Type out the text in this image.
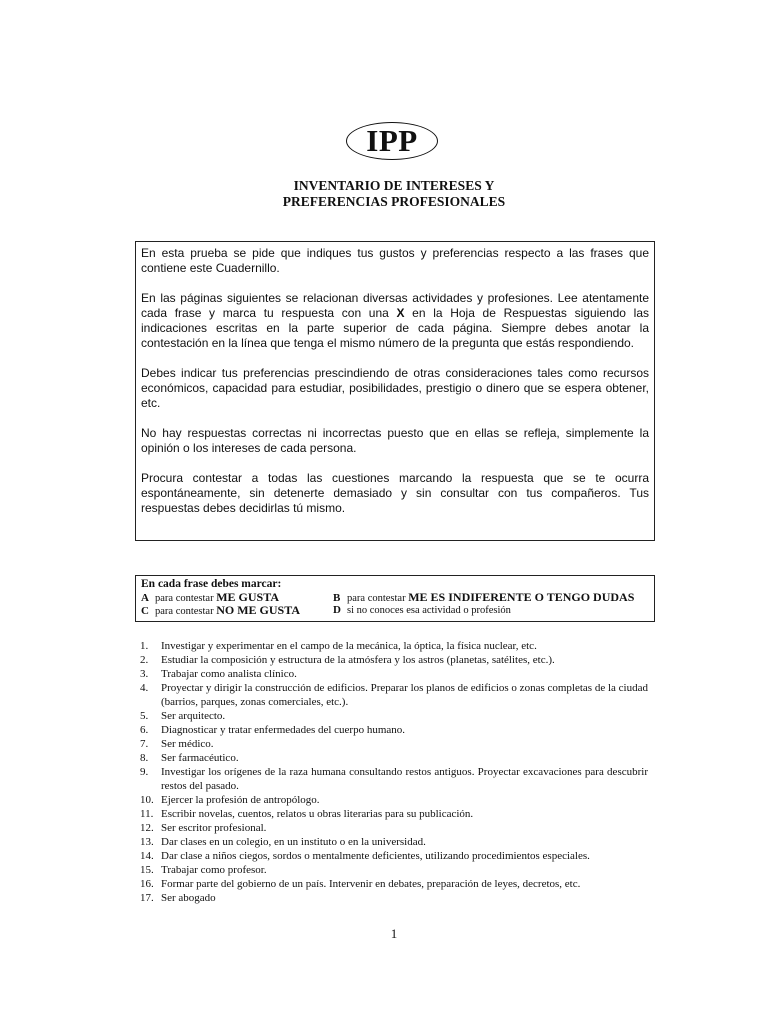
IPP
INVENTARIO DE INTERESES Y
PREFERENCIAS PROFESIONALES

En esta prueba se pide que indiques tus gustos y preferencias respecto a las frases que contiene este Cuadernillo.

En las páginas siguientes se relacionan diversas actividades y profesiones. Lee atentamente cada frase y marca tu respuesta con una X en la Hoja de Respuestas siguiendo las indicaciones escritas en la parte superior de cada página. Siempre debes anotar la contestación en la línea que tenga el mismo número de la pregunta que estás respondiendo.

Debes indicar tus preferencias prescindiendo de otras consideraciones tales como recursos económicos, capacidad para estudiar, posibilidades, prestigio o dinero que se espera obtener, etc.

No hay respuestas correctas ni incorrectas puesto que en ellas se refleja, simplemente la opinión o los intereses de cada persona.

Procura contestar a todas las cuestiones marcando la respuesta que se te ocurra espontáneamente, sin detenerte demasiado y sin consultar con tus compañeros. Tus respuestas debes decidirlas tú mismo.

En cada frase debes marcar:
A para contestar ME GUSTA	B para contestar ME ES INDIFERENTE O TENGO DUDAS
C para contestar NO ME GUSTA	D si no conoces esa actividad o profesión
1.	Investigar y experimentar en el campo de la mecánica, la óptica, la física nuclear, etc.
2.	Estudiar la composición y estructura de la atmósfera y los astros (planetas, satélites, etc.).
3.	Trabajar como analista clínico.
4.	Proyectar y dirigir la construcción de edificios. Preparar los planos de edificios o zonas completas de la ciudad (barrios, parques, zonas comerciales, etc.).
5.	Ser arquitecto.
6.	Diagnosticar y tratar enfermedades del cuerpo humano.
7.	Ser médico.
8.	Ser farmacéutico.
9.	Investigar los orígenes de la raza humana consultando restos antiguos. Proyectar excavaciones para descubrir restos del pasado.
10. Ejercer la profesión de antropólogo.
11. Escribir novelas, cuentos, relatos u obras literarias para su publicación.
12. Ser escritor profesional.
13. Dar clases en un colegio, en un instituto o en la universidad.
14. Dar clase a niños ciegos, sordos o mentalmente deficientes, utilizando procedimientos especiales.
15. Trabajar como profesor.
16. Formar parte del gobierno de un país. Intervenir en debates, preparación de leyes, decretos, etc.
17. Ser abogado
1
